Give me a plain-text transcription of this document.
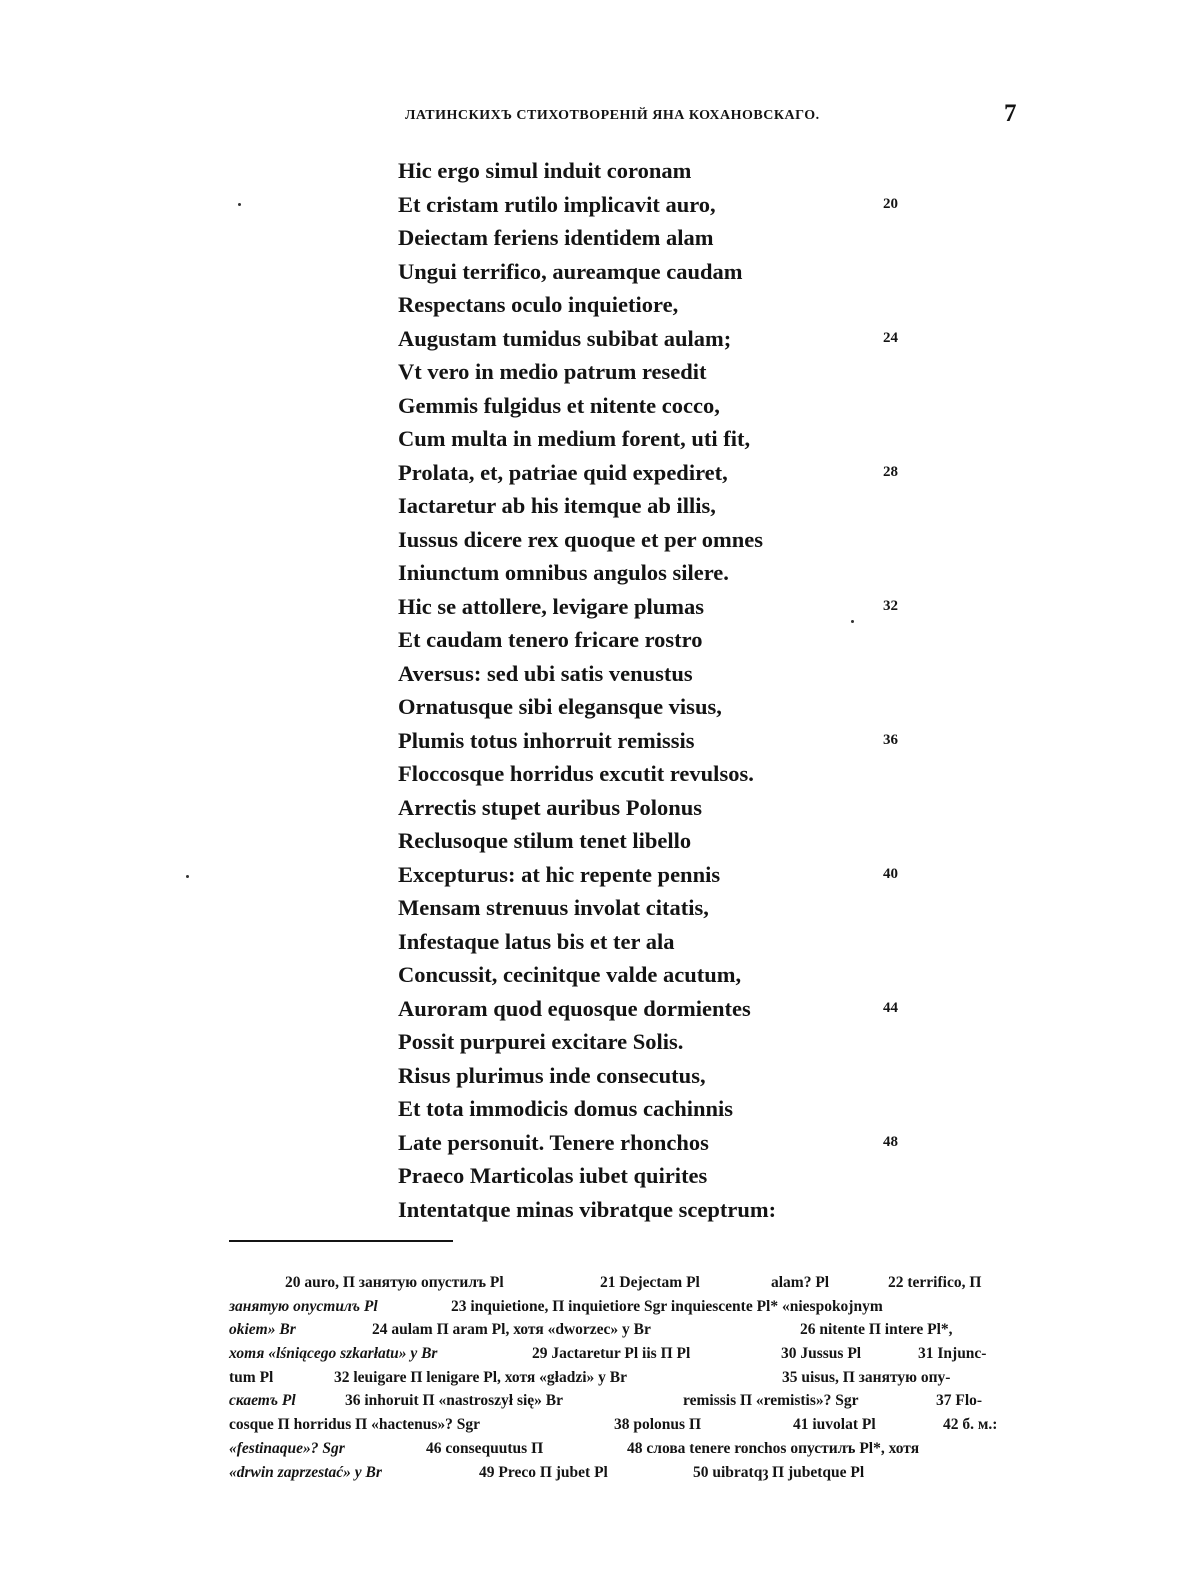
ЛАТИНСКИХЪ СТИХОТВОРЕНІЙ ЯНА КОХАНОВСКАГО.	7
Hic ergo simul induit coronam
Et cristam rutilo implicavit auro,	20
Deiectam feriens identidem alam
Ungui terrifico, aureamque caudam
Respectans oculo inquietiore,
Augustam tumidus subibat aulam;	24
Vt vero in medio patrum resedit
Gemmis fulgidus et nitente cocco,
Cum multa in medium forent, uti fit,
Prolata, et, patriae quid expediret,	28
Iactaretur ab his itemque ab illis,
Iussus dicere rex quoque et per omnes
Iniunctum omnibus angulos silere.
Hic se attollere, levigare plumas	32
Et caudam tenero fricare rostro
Aversus: sed ubi satis venustus
Ornatusque sibi elegansque visus,
Plumis totus inhorruit remissis	36
Floccosque horridus excutit revulsos.
Arrectis stupet auribus Polonus
Reclusoque stilum tenet libello
Excepturus: at hic repente pennis	40
Mensam strenuus involat citatis,
Infestaque latus bis et ter ala
Concussit, cecinitque valde acutum,
Auroram quod equosque dormientes	44
Possit purpurei excitare Solis.
Risus plurimus inde consecutus,
Et tota immodicis domus cachinnis
Late personuit. Tenere rhonchos	48
Praeco Marticolas iubet quirites
Intentatque minas vibratque sceptrum:
20 auro, П занятую опустилъ Pl	21 Dejectam Pl	alam? Pl	22 terrifico, П
занятую опустилъ Pl	23 inquietione, П inquietiore Sgr inquiescente Pl* «niespokojnym
okiem» Br	24 aulam П aram Pl, хотя «dworzec» у Br	26 nitente П intere Pl*,
хотя «lśniącego szkarłatu» у Br	29 Jactaretur Pl iis П Pl	30 Jussus Pl	31 Injunc-
tum Pl	32 leuigare П lenigare Pl, хотя «gładzi» у Br	35 uisus, П занятую опу-
скаетъ Pl	36 inhoruit П «nastroszył się» Br	remissis П «remistis»? Sgr	37 Flo-
cosque П horridus П «hactenus»? Sgr	38 polonus П	41 iuvolat Pl	42 б. м.:
«festinaque»? Sgr	46 consequutus П	48 слова tenere ronchos опустилъ Pl*, хотя
«drwin zaprzestać» у Br	49 Preco П jubet Pl	50 uibratqȝ П jubetque Pl
